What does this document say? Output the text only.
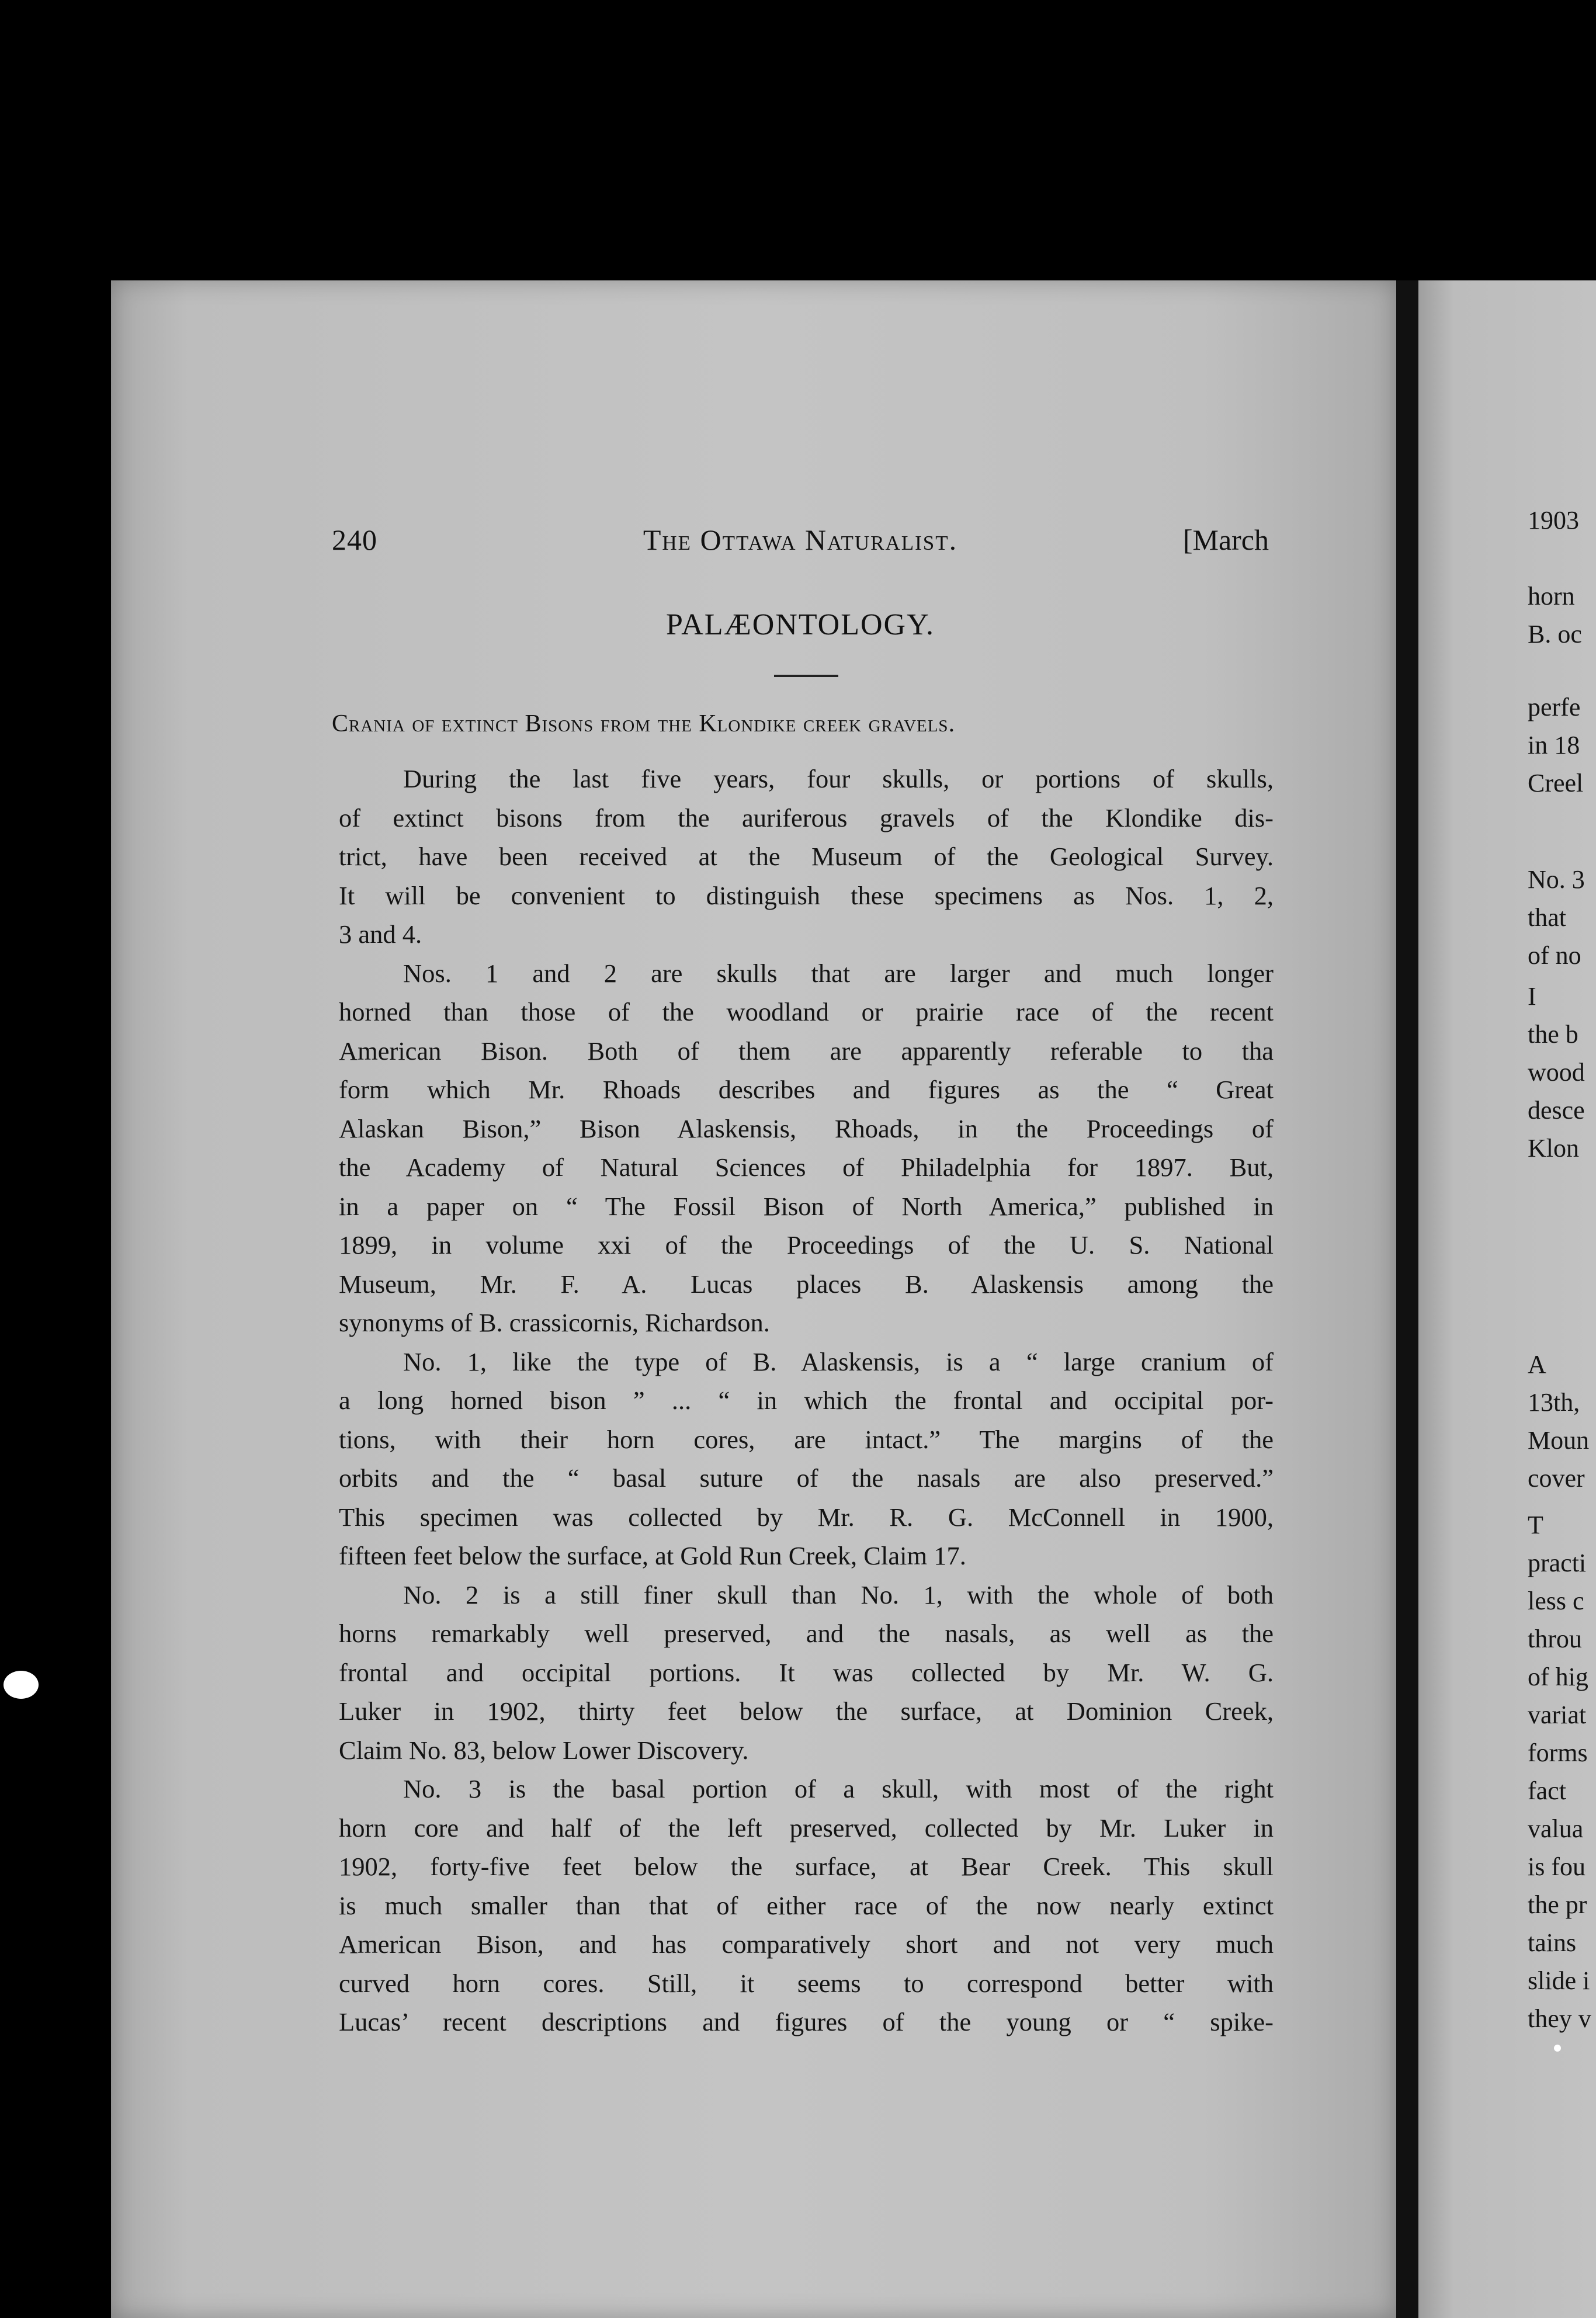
240	The Ottawa Naturalist.	[March
PALÆONTOLOGY.
Crania of extinct Bisons from the Klondike creek gravels.
During the last five years, four skulls, or portions of skulls,
of extinct bisons from the auriferous gravels of the Klondike dis-
trict, have been received at the Museum of the Geological Survey.
It will be convenient to distinguish these specimens as Nos. 1, 2,
3 and 4.
Nos. 1 and 2 are skulls that are larger and much longer
horned than those of the woodland or prairie race of the recent
American Bison. Both of them are apparently referable to tha
form which Mr. Rhoads describes and figures as the “ Great
Alaskan Bison,” Bison Alaskensis, Rhoads, in the Proceedings of
the Academy of Natural Sciences of Philadelphia for 1897. But,
in a paper on “ The Fossil Bison of North America,” published in
1899, in volume xxi of the Proceedings of the U. S. National
Museum, Mr. F. A. Lucas places B. Alaskensis among the
synonyms of B. crassicornis, Richardson.
No. 1, like the type of B. Alaskensis, is a “ large cranium of
a long horned bison ” ... “ in which the frontal and occipital por-
tions, with their horn cores, are intact.” The margins of the
orbits and the “ basal suture of the nasals are also preserved.”
This specimen was collected by Mr. R. G. McConnell in 1900,
fifteen feet below the surface, at Gold Run Creek, Claim 17.
No. 2 is a still finer skull than No. 1, with the whole of both
horns remarkably well preserved, and the nasals, as well as the
frontal and occipital portions. It was collected by Mr. W. G.
Luker in 1902, thirty feet below the surface, at Dominion Creek,
Claim No. 83, below Lower Discovery.
No. 3 is the basal portion of a skull, with most of the right
horn core and half of the left preserved, collected by Mr. Luker in
1902, forty-five feet below the surface, at Bear Creek. This skull
is much smaller than that of either race of the now nearly extinct
American Bison, and has comparatively short and not very much
curved horn cores. Still, it seems to correspond better with
Lucas’ recent descriptions and figures of the young or “ spike-
1903
horn
B. oc
perfe
in 18
Creel
No. 3
that
of no
I
the b
wood
desce
Klon
A
13th,
Moun
cover
T
practi
less c
throu
of hig
variat
forms
fact
valua
is fou
the pr
tains
slide i
they v
